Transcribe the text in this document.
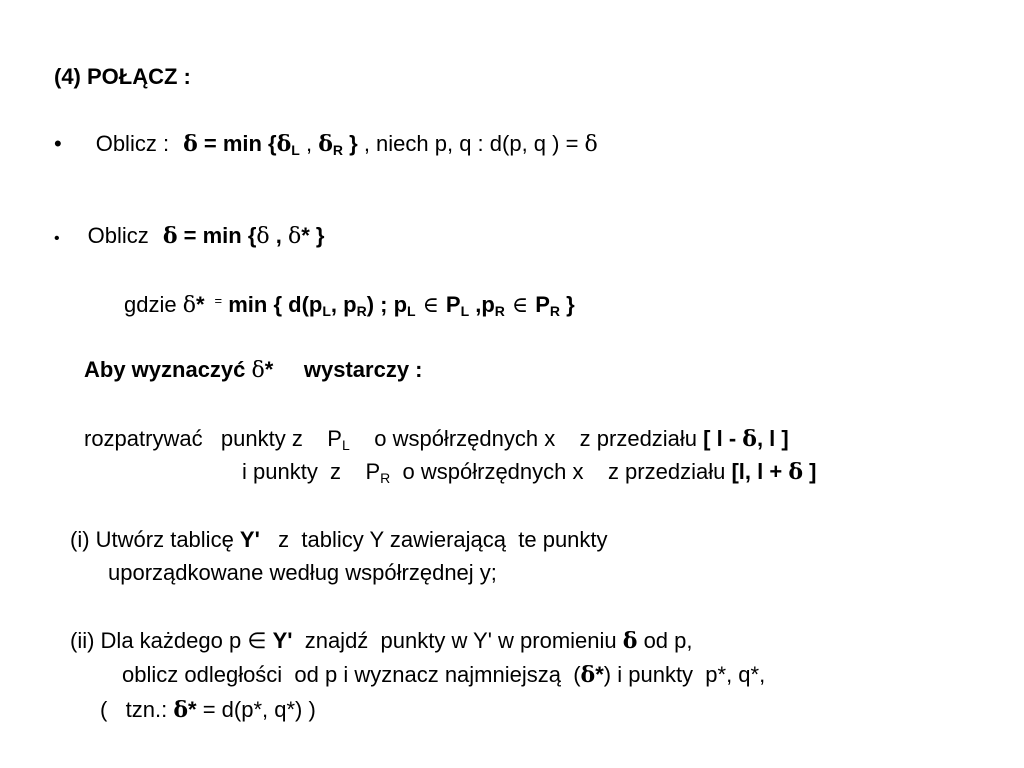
(4) POŁĄCZ :
• Oblicz : $\delta = \min \{\delta_L$ , $\delta_R$ } , niech p, q : d(p, q ) = δ
• Oblicz δ = min {δ , δ* }
gdzie δ* = min { $d(p_L$, $p_R$) ; $p_L$ ∈ $P_L$ $,p_R$ ∈ $P_R$ }
Aby wyznaczyć δ*     wystarczy :
rozpatrywać   punkty z    $P_L$    o współrzędnych x    z przedziału [ l - δ, l ]
i punkty  z    $P_R$  o współrzędnych x    z przedziału [l, l + δ ]
(i) Utwórz tablicę Y'   z  tablicy Y zawierającą  te punkty
uporządkowane według współrzędnej y;
(ii) Dla każdego p ∈ Y'  znajdź  punkty w Y' w promieniu δ od p,
oblicz odległości  od p i wyznacz najmniejszą  (δ*) i punkty  p*, q*,
(   tzn.: δ* = d(p*, q*) )
